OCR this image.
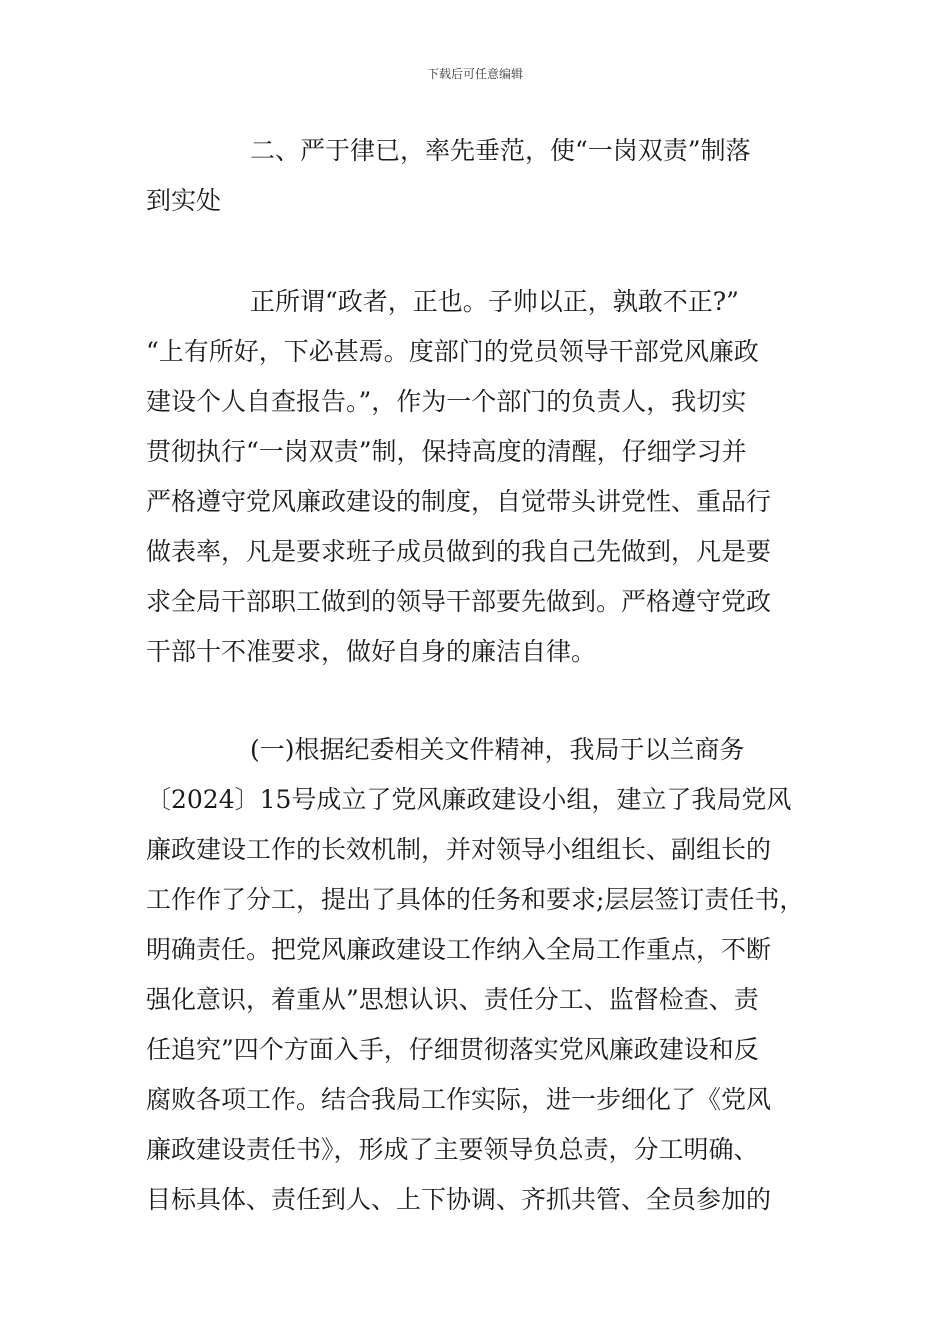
下载后可任意编辑
二、严于律已，率先垂范，使“一岗双责”制落
到实处
正所谓“政者，正也。子帅以正，孰敢不正?”
“上有所好，下必甚焉。度部门的党员领导干部党风廉政
建设个人自查报告。”，作为一个部门的负责人，我切实
贯彻执行“一岗双责”制，保持高度的清醒，仔细学习并
严格遵守党风廉政建设的制度，自觉带头讲党性、重品行
做表率，凡是要求班子成员做到的我自己先做到，凡是要
求全局干部职工做到的领导干部要先做到。严格遵守党政
干部十不准要求，做好自身的廉洁自律。
(一)根据纪委相关文件精神，我局于以兰商务
〔2024〕15号成立了党风廉政建设小组，建立了我局党风
廉政建设工作的长效机制，并对领导小组组长、副组长的
工作作了分工，提出了具体的任务和要求;层层签订责任书，
明确责任。把党风廉政建设工作纳入全局工作重点，不断
强化意识，着重从”思想认识、责任分工、监督检查、责
任追究”四个方面入手，仔细贯彻落实党风廉政建设和反
腐败各项工作。结合我局工作实际，进一步细化了《党风
廉政建设责任书》，形成了主要领导负总责，分工明确、
目标具体、责任到人、上下协调、齐抓共管、全员参加的
